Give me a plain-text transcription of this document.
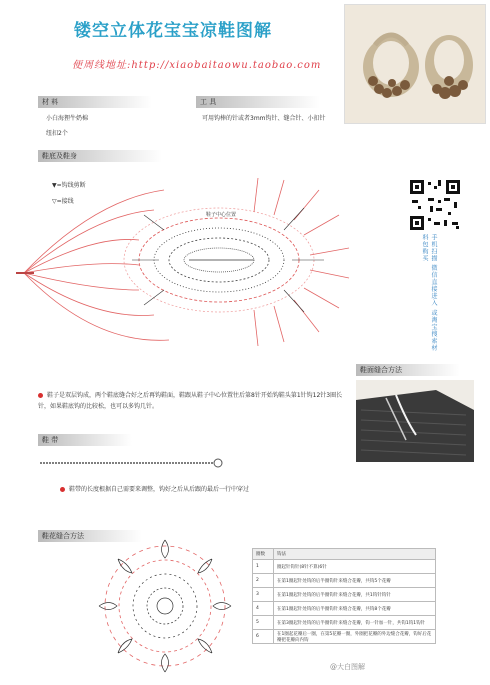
镂空立体花宝宝凉鞋图解
便周线地址:http://xiaobaitaowu.taobao.com
材 料
小白海狸牛奶棉
纽扣2个
工 具
可用钩棒的针或者3mm钩针、缝合针、小扣针
鞋底及鞋身
▼=钩线剪断
▽=接线
鞋子中心位置
手机扫描 微信直接进入 或淘宝搜索材料包购买
鞋面缝合方法
鞋子是双层钩成，两个鞋底缝合好之后再钩鞋面，鞋跟从鞋子中心位置往后第8针开始钩鞋头第1针钩12针3圈长针，如果鞋底钩的比较松，也可以多钩几针。
鞋 带
鞋带的长度根据自己需要来调整，钩好之后从后跟的最后一行中穿过
鞋花缝合方法
圈数	钩法
1	圈起针钩针(8针不算)6针
2	在第1圈起针处钩的后半圈钩针来缝合花瓣，共钩5个花瓣
3	在第1圈起针处钩的后半圈钩针来缝合花瓣，共1钩针钩针
4	在第1圈起针处钩的后半圈钩针来缝合花瓣，共钩8个花瓣
5	在第3圈起针处钩的后半圈钩针来缝合花瓣，钩一针加一针，共钩1钩1钩针
6	在1圈起花瓣后一圈，在第5花瓣一圈，外圈把花瓣的外边缝合花瓣，钩好后花瓣把花瓣向内钩
@大白图解
